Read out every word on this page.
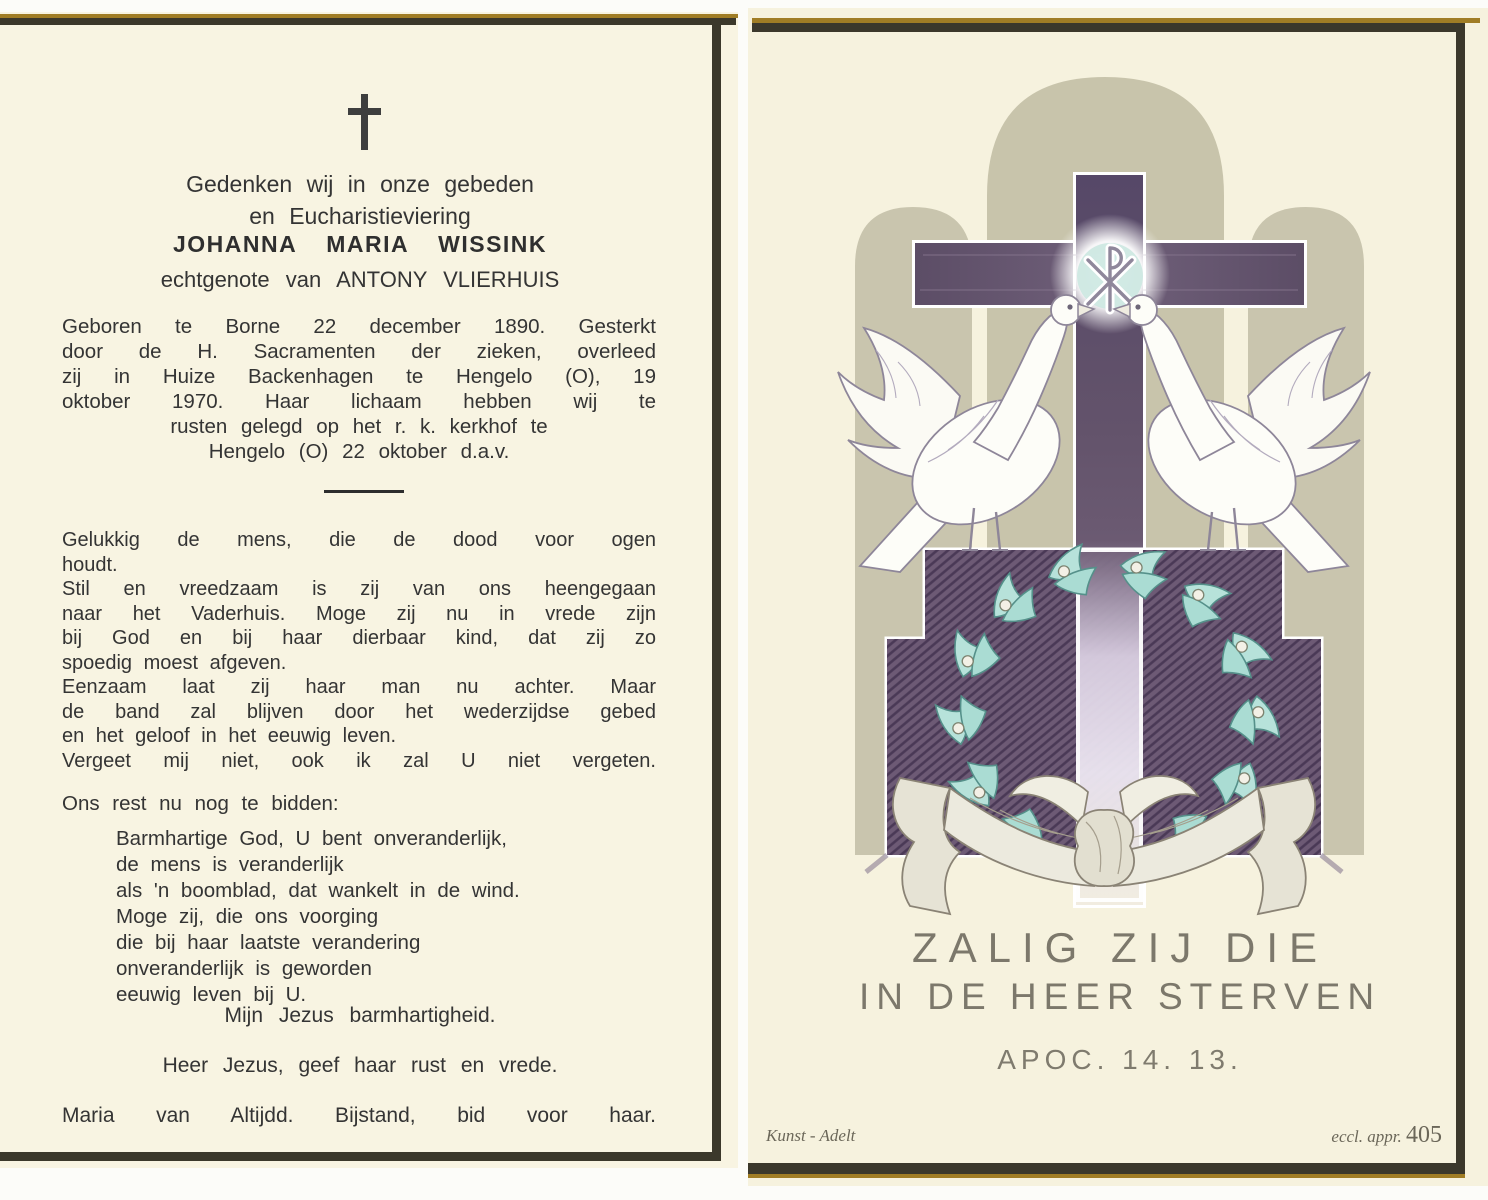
Gedenken wij in onze gebeden
en Eucharistieviering
JOHANNA MARIA WISSINK
echtgenote van ANTONY VLIERHUIS
Geboren te Borne 22 december 1890. Gesterkt
door de H. Sacramenten der zieken, overleed
zij in Huize Backenhagen te Hengelo (O), 19
oktober 1970. Haar lichaam hebben wij te
rusten gelegd op het r. k. kerkhof te
Hengelo (O) 22 oktober d.a.v.
Gelukkig de mens, die de dood voor ogen
houdt.
Stil en vreedzaam is zij van ons heengegaan
naar het Vaderhuis. Moge zij nu in vrede zijn
bij God en bij haar dierbaar kind, dat zij zo
spoedig moest afgeven.
Eenzaam laat zij haar man nu achter. Maar
de band zal blijven door het wederzijdse gebed
en het geloof in het eeuwig leven.
Vergeet mij niet, ook ik zal U niet vergeten.
Ons rest nu nog te bidden:
Barmhartige God, U bent onveranderlijk,
de mens is veranderlijk
als 'n boomblad, dat wankelt in de wind.
Moge zij, die ons voorging
die bij haar laatste verandering
onveranderlijk is geworden
eeuwig leven bij U.
Mijn Jezus barmhartigheid.
Heer Jezus, geef haar rust en vrede.
Maria van Altijdd. Bijstand, bid voor haar.
ZALIG ZIJ DIE
IN DE HEER STERVEN
APOC. 14. 13.
Kunst - Adelt	eccl. appr. 405
